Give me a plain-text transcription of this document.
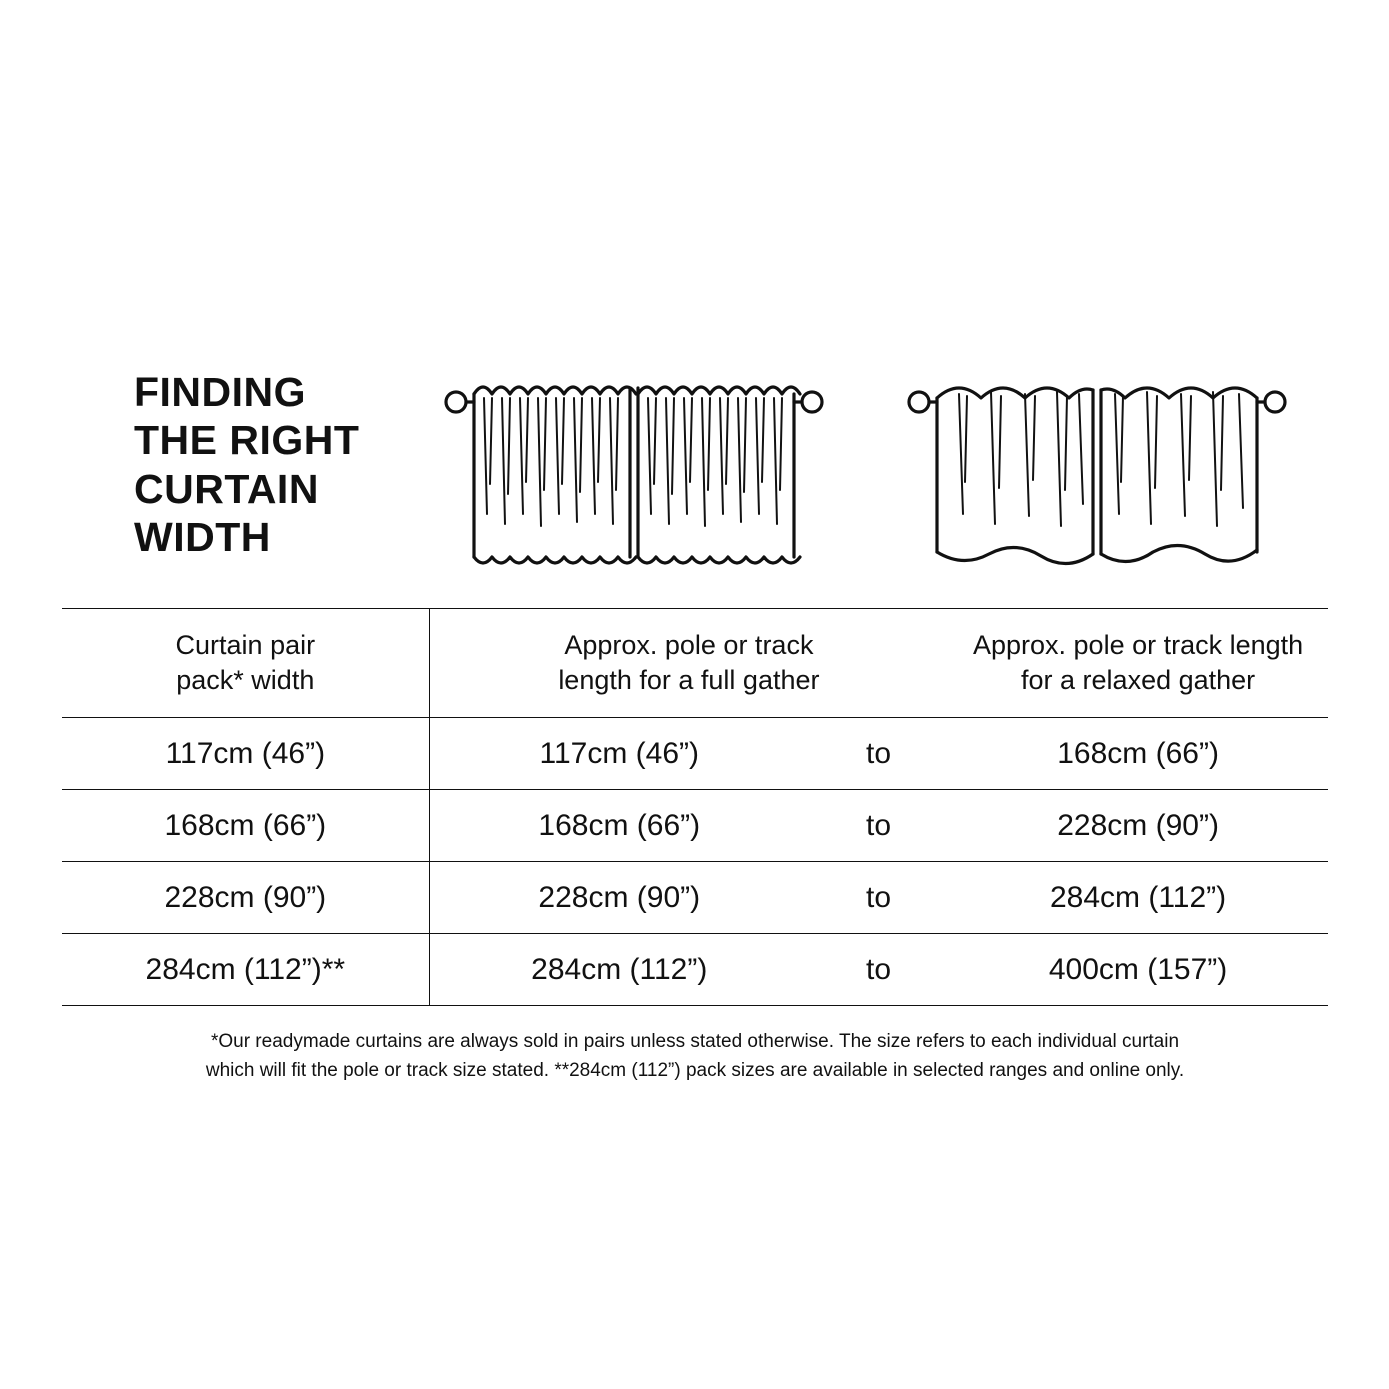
FINDING
THE RIGHT
CURTAIN
WIDTH
Curtain pair
pack* width

Approx. pole or track
length for a full gather

Approx. pole or track length
for a relaxed gather

117cm (46”)	117cm (46”)	to	168cm (66”)
168cm (66”)	168cm (66”)	to	228cm (90”)
228cm (90”)	228cm (90”)	to	284cm (112”)
284cm (112”)**	284cm (112”)	to	400cm (157”)
*Our readymade curtains are always sold in pairs unless stated otherwise. The size refers to each individual curtain
which will fit the pole or track size stated. **284cm (112”) pack sizes are available in selected ranges and online only.
